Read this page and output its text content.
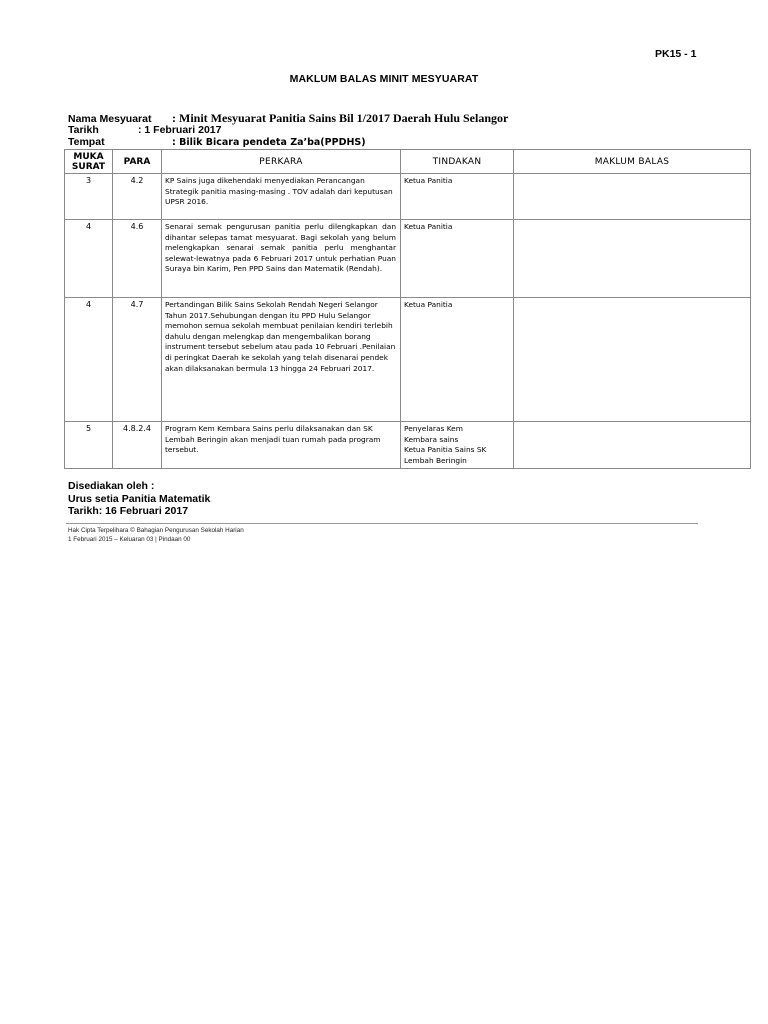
PK15 - 1
MAKLUM BALAS MINIT MESYUARAT
Nama Mesyuarat : Minit Mesyuarat Panitia Sains Bil 1/2017 Daerah Hulu Selangor
Tarikh	: 1 Februari 2017
Tempat	: Bilik Bicara pendeta Za’ba(PPDHS)
MUKA
SURAT	PARA	PERKARA	TINDAKAN	MAKLUM BALAS
3	4.2	KP Sains juga dikehendaki menyediakan Perancangan Strategik panitia masing-masing . TOV adalah dari keputusan UPSR 2016.	Ketua Panitia	
4	4.6	Senarai semak pengurusan panitia perlu dilengkapkan dan dihantar selepas tamat mesyuarat. Bagi sekolah yang belum melengkapkan senarai semak panitia perlu menghantar selewat-lewatnya pada 6 Februari 2017 untuk perhatian Puan Suraya bin Karim, Pen PPD Sains dan Matematik (Rendah).	Ketua Panitia	
4	4.7	Pertandingan Bilik Sains Sekolah Rendah Negeri Selangor Tahun 2017.Sehubungan dengan itu PPD Hulu Selangor memohon semua sekolah membuat penilaian kendiri terlebih dahulu dengan melengkap dan mengembalikan borang instrument tersebut sebelum atau pada 10 Februari .Penilaian di peringkat Daerah ke sekolah yang telah disenarai pendek akan dilaksanakan bermula 13 hingga 24 Februari 2017.	Ketua Panitia	
5	4.8.2.4	Program Kem Kembara Sains perlu dilaksanakan dan SK Lembah Beringin akan menjadi tuan rumah pada program tersebut.	Penyelaras Kem
Kembara sains
Ketua Panitia Sains SK
Lembah Beringin	
Disediakan oleh :
Urus setia Panitia Matematik
Tarikh: 16 Februari 2017
Hak Cipta Terpelihara © Bahagian Pengurusan Sekolah Harian
1 Februari 2015 – Keluaran 03 | Pindaan 00
